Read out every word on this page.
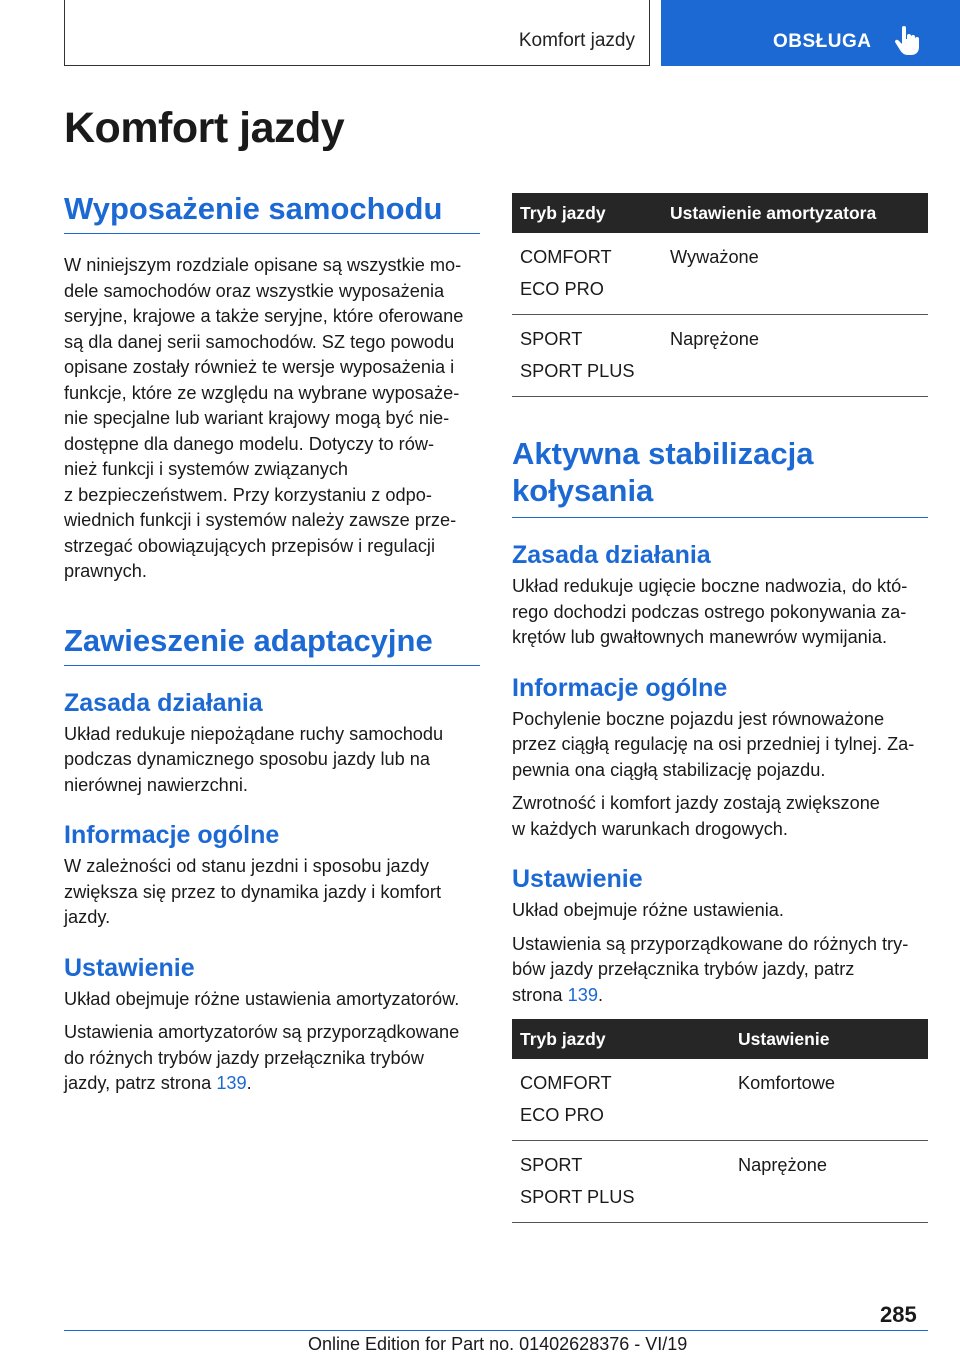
Komfort jazdy	OBSŁUGA
Komfort jazdy
Wyposażenie samochodu
W niniejszym rozdziale opisane są wszystkie mo‐
dele samochodów oraz wszystkie wyposażenia
seryjne, krajowe a także seryjne, które oferowane
są dla danej serii samochodów. SZ tego powodu
opisane zostały również te wersje wyposażenia i
funkcje, które ze względu na wybrane wyposaże‐
nie specjalne lub wariant krajowy mogą być nie‐
dostępne dla danego modelu. Dotyczy to rów‐
nież funkcji i systemów związanych
z bezpieczeństwem. Przy korzystaniu z odpo‐
wiednich funkcji i systemów należy zawsze prze‐
strzegać obowiązujących przepisów i regulacji
prawnych.
Zawieszenie adaptacyjne
Zasada działania
Układ redukuje niepożądane ruchy samochodu
podczas dynamicznego sposobu jazdy lub na
nierównej nawierzchni.
Informacje ogólne
W zależności od stanu jezdni i sposobu jazdy
zwiększa się przez to dynamika jazdy i komfort
jazdy.
Ustawienie
Układ obejmuje różne ustawienia amortyzatorów.
Ustawienia amortyzatorów są przyporządkowane
do różnych trybów jazdy przełącznika trybów
jazdy, patrz strona 139.
Tryb jazdy	Ustawienie amortyzatora

COMFORT
ECO PRO	Wyważone

SPORT
SPORT PLUS	Naprężone
Aktywna stabilizacja
kołysania
Zasada działania
Układ redukuje ugięcie boczne nadwozia, do któ‐
rego dochodzi podczas ostrego pokonywania za‐
krętów lub gwałtownych manewrów wymijania.
Informacje ogólne
Pochylenie boczne pojazdu jest równoważone
przez ciągłą regulację na osi przedniej i tylnej. Za‐
pewnia ona ciągłą stabilizację pojazdu.
Zwrotność i komfort jazdy zostają zwiększone
w każdych warunkach drogowych.
Ustawienie
Układ obejmuje różne ustawienia.
Ustawienia są przyporządkowane do różnych try‐
bów jazdy przełącznika trybów jazdy, patrz
strona 139.
Tryb jazdy	Ustawienie

COMFORT
ECO PRO	Komfortowe

SPORT
SPORT PLUS	Naprężone
285
Online Edition for Part no. 01402628376 - VI/19
